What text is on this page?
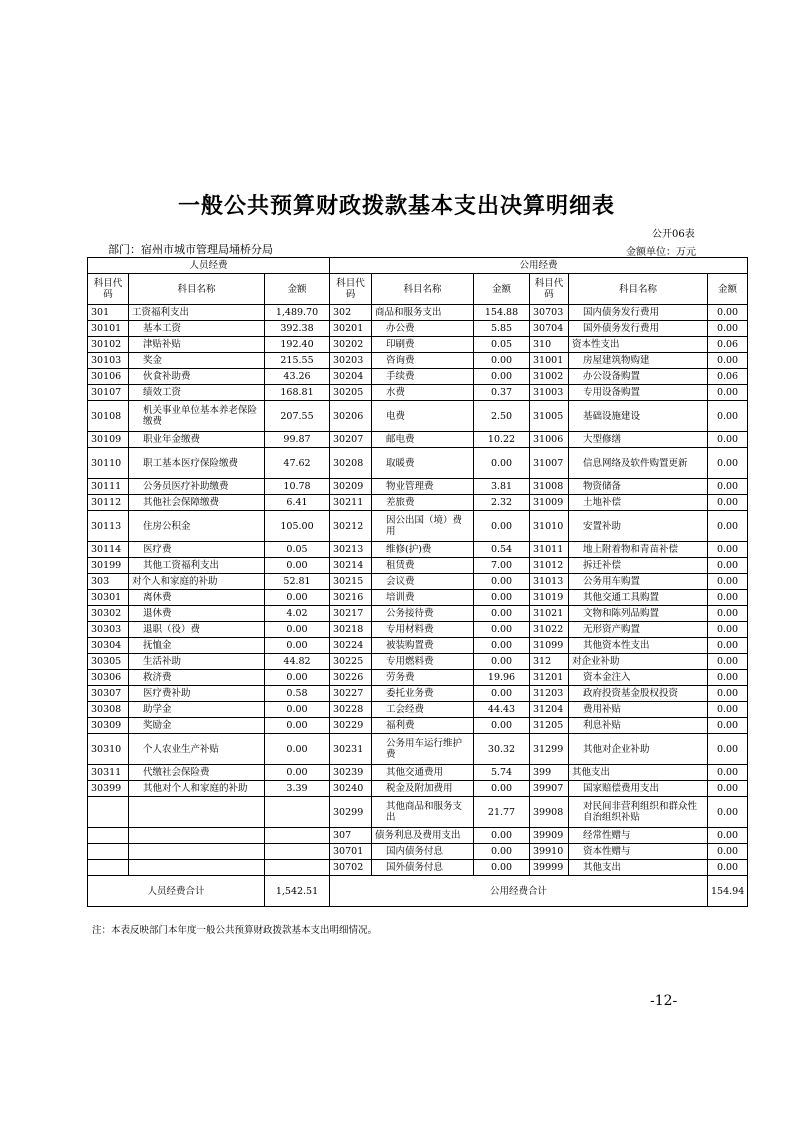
一般公共预算财政拨款基本支出决算明细表
公开06表
部门：宿州市城市管理局埇桥分局	金额单位：万元
人员经费			公用经费					
科目代码	科目名称	金额	科目代码	科目名称	金额	科目代码	科目名称	金额
301	工资福利支出	1,489.70	302	商品和服务支出	154.88	30703	国内债务发行费用	0.00
30101	基本工资	392.38	30201	办公费	5.85	30704	国外债务发行费用	0.00
30102	津贴补贴	192.40	30202	印刷费	0.05	310	资本性支出	0.06
30103	奖金	215.55	30203	咨询费	0.00	31001	房屋建筑物购建	0.00
30106	伙食补助费	43.26	30204	手续费	0.00	31002	办公设备购置	0.06
30107	绩效工资	168.81	30205	水费	0.37	31003	专用设备购置	0.00
30108	机关事业单位基本养老保险缴费	207.55	30206	电费	2.50	31005	基础设施建设	0.00
30109	职业年金缴费	99.87	30207	邮电费	10.22	31006	大型修缮	0.00
30110	职工基本医疗保险缴费	47.62	30208	取暖费	0.00	31007	信息网络及软件购置更新	0.00
30111	公务员医疗补助缴费	10.78	30209	物业管理费	3.81	31008	物资储备	0.00
30112	其他社会保障缴费	6.41	30211	差旅费	2.32	31009	土地补偿	0.00
30113	住房公积金	105.00	30212	因公出国（境）费用	0.00	31010	安置补助	0.00
30114	医疗费	0.05	30213	维修(护)费	0.54	31011	地上附着物和青苗补偿	0.00
30199	其他工资福利支出	0.00	30214	租赁费	7.00	31012	拆迁补偿	0.00
303	对个人和家庭的补助	52.81	30215	会议费	0.00	31013	公务用车购置	0.00
30301	离休费	0.00	30216	培训费	0.00	31019	其他交通工具购置	0.00
30302	退休费	4.02	30217	公务接待费	0.00	31021	文物和陈列品购置	0.00
30303	退职（役）费	0.00	30218	专用材料费	0.00	31022	无形资产购置	0.00
30304	抚恤金	0.00	30224	被装购置费	0.00	31099	其他资本性支出	0.00
30305	生活补助	44.82	30225	专用燃料费	0.00	312	对企业补助	0.00
30306	救济费	0.00	30226	劳务费	19.96	31201	资本金注入	0.00
30307	医疗费补助	0.58	30227	委托业务费	0.00	31203	政府投资基金股权投资	0.00
30308	助学金	0.00	30228	工会经费	44.43	31204	费用补贴	0.00
30309	奖励金	0.00	30229	福利费	0.00	31205	利息补贴	0.00
30310	个人农业生产补贴	0.00	30231	公务用车运行维护费	30.32	31299	其他对企业补助	0.00
30311	代缴社会保险费	0.00	30239	其他交通费用	5.74	399	其他支出	0.00
30399	其他对个人和家庭的补助	3.39	30240	税金及附加费用	0.00	39907	国家赔偿费用支出	0.00
			30299	其他商品和服务支出	21.77	39908	对民间非营利组织和群众性自治组织补贴	0.00
			307	债务利息及费用支出	0.00	39909	经常性赠与	0.00
			30701	国内债务付息	0.00	39910	资本性赠与	0.00
			30702	国外债务付息	0.00	39999	其他支出	0.00
人员经费合计		1,542.51	公用经费合计					154.94
注：本表反映部门本年度一般公共预算财政拨款基本支出明细情况。
-12-
